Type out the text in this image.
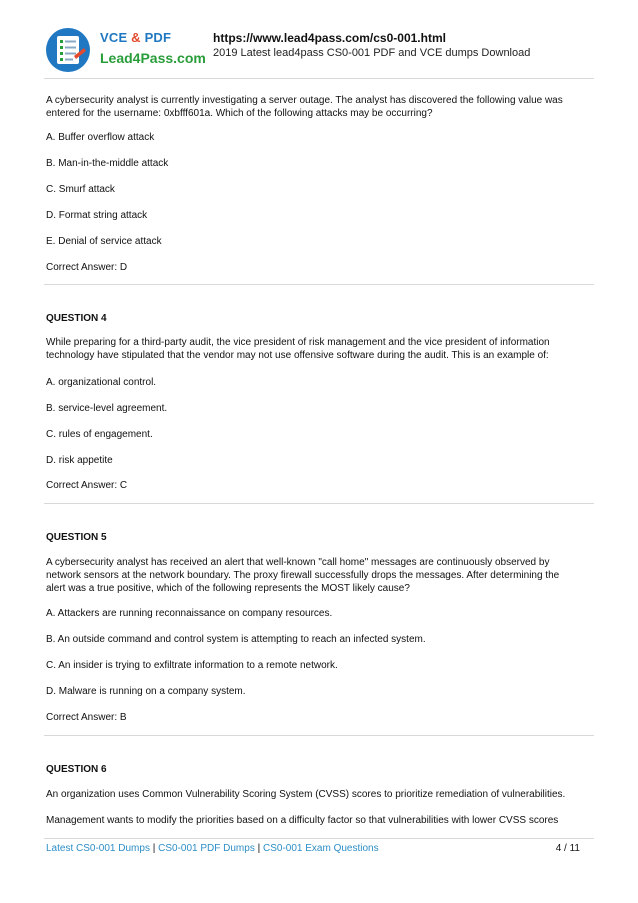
VCE & PDF
Lead4Pass.com
https://www.lead4pass.com/cs0-001.html
2019 Latest lead4pass CS0-001 PDF and VCE dumps Download
A cybersecurity analyst is currently investigating a server outage. The analyst has discovered the following value was
entered for the username: 0xbfff601a. Which of the following attacks may be occurring?
A. Buffer overflow attack
B. Man-in-the-middle attack
C. Smurf attack
D. Format string attack
E. Denial of service attack
Correct Answer: D
QUESTION 4
While preparing for a third-party audit, the vice president of risk management and the vice president of information
technology have stipulated that the vendor may not use offensive software during the audit. This is an example of:
A. organizational control.
B. service-level agreement.
C. rules of engagement.
D. risk appetite
Correct Answer: C
QUESTION 5
A cybersecurity analyst has received an alert that well-known "call home" messages are continuously observed by
network sensors at the network boundary. The proxy firewall successfully drops the messages. After determining the
alert was a true positive, which of the following represents the MOST likely cause?
A. Attackers are running reconnaissance on company resources.
B. An outside command and control system is attempting to reach an infected system.
C. An insider is trying to exfiltrate information to a remote network.
D. Malware is running on a company system.
Correct Answer: B
QUESTION 6
An organization uses Common Vulnerability Scoring System (CVSS) scores to prioritize remediation of vulnerabilities.
Management wants to modify the priorities based on a difficulty factor so that vulnerabilities with lower CVSS scores
Latest CS0-001 Dumps | CS0-001 PDF Dumps | CS0-001 Exam Questions	4 / 11
